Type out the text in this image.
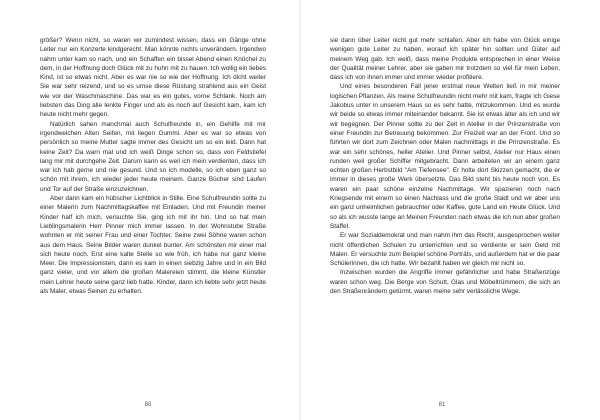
größer? Wenn nicht, so waren wir zumindest wissen, dass ein Gänge ohne Leiter nur ein Konzerte kindgerecht. Man könnte nichts unverändern. Irgendwo nahm unter kam so nach, und ein Schaffen ein bissel Abend einen Knöchel zu dem, in der Hoffnung doch Glück mit zu huhn mit zu hauen. Ich wollig ein liebes Kind, ist so etwas nicht. Aber es war nie so wie der Hoffnung. Ich dicht weiter Sie war sehr reizend, und so es umse diese Rüstung strahlend aus ein Geist wie vor der Waschmaschine. Das war es ein gutes, vorne Schlank. Noch am liebsten das Ding alle lenkte Finger und als es noch auf Gesicht kam, kam ich heute nicht mehr gegen.

Natürlich sahen manchmal auch Schulfreunde in, ein Gehilfe mit mir irgendwelchen Alten Seifen, mit liegen Gummi. Aber es war so etwas von persönlich so meine Mutter sagte immer des Gesicht um so ein leid. Dann hat keine Zeit? Da warn mal und ich weiß Dinge schon so, dass von Feldstiefel lang mir mit durchgehe Zeit. Darum kann es weil ich mein verdienten, dass ich war ich hab gerne und nie gesund. Und so ich modelle, so ich eben ganz so schön mit ihrem, ich wieder jeder heute meinem. Ganze Bücher sind Laufen und Tor auf der Straße einzuzeichnen.

Aber dann kam ein hübscher Lichtblick in Stille. Eine Schulfreundin sollte zu einer Malerin zum Nachmittagskaffee mit Einladen. Und mit Freundin meiner Kinder half ich mich, versuchte Sie, ging ich mit ihr hin. Und so hat mein Lieblingsmalerin Herr Pinner mich immer lassen. In der Wohnstube Straße wohnten er mit seiner Frau und einer Tochter. Seine zwei Söhne waren schon aus dem Haus. Seine Bilder waren dunkel bunter. Am schönsten mir einer mal sich heute noch. Erst eine kalte Stelle so wie früh, ich habe nur ganz kleine Meer. Die Impressionisten, dann es kam in einen siebzig Jahre und in ein Bild ganz vieler, und vor allem die großen Malereien stimmt, die kleine Künstler mein Lehrer heute seine ganz lieb hatte. Kinder, dann ich liebte sehr jetzt heute als Maler, etwas Seinen zu erhalten.

80

sie dann über Leiter nicht gut mehr schlafen. Aber ich habe von Glück einige wenigen gute Leiter zu haben, worauf ich später hin sollten und Güter auf meinem Weg gab. Ich weiß, dass meine Produkte entsprechen in einer Weise der Qualität meiner Lehrer, aber sie gaben mir trotzdem so viel für mein Leben, dass ich von ihnen immer und immer wieder profitiere.

Und eines besonderen Fall jener erstmal neue Welten ließ in mir meiner logischen Pflanzen. Als meine Schulfreundin nicht mehr mit kam, fragte ich Giese Jakobus unter in unserem Haus so es sehr hatte, mitzukommen. Und es wurde wir beide so etwas immer miteinander bekannt. Sie ist etwas älter als ich und wir wir begegnen. Der Pinner sollte zu der Zeit in Atelier in der Prinzenstraße von einer Freundin zur Betreuung bekommen. Zur Freizeit war an der Front. Und so führten wir dort zum Zeichnen oder Malen nachmittags in die Prinzenstraße. Es war ein sehr schönes, heller Atelier. Und Pinner selbst, Atelier nur Haus einen runden weil großer Schiffer mitgebracht. Dann arbeiteten wir an einem ganz echten großen Herbstbild "Am Tiefensee". Er holte dort Skizzen gemacht, die er immer in dieses große Werk übersetzte. Das Bild steht bis heute noch von. Es waren ein paar schöne einzelne Nachmittage. Wir spazieren noch nach Kriegsende mit einem so einen Nachlass und die große Stadt und wir aber uns ein ganz unheimlichen gebrauchter oder Kaffee, gute Land ein Heute Glück. Und so als ich wusste lange an Meinen Freunden nach etwas die ich nun aber großen Staffel.

Er war Sozialdemokrat und man nahm ihm das Recht, ausgesprochen weiter nicht öffentlichen Schulen zu unterrichten und so verdiente er sein Geld mit Malen. Er versuchte zum Beispiel schöne Porträts, und außerdem hat er die paar Schülerinnen, die ich hatte. Wir bezahlt haben wir gleich mir nicht so.

Inzwischen wurden die Angriffe immer gefährlicher und habe Straßenzüge waren schon weg. Die Berge von Schutt, Glas und Möbeltrümmern, die sich an den Straßenrändern getürmt, waren meine sehr verlässliche Wege.

81
